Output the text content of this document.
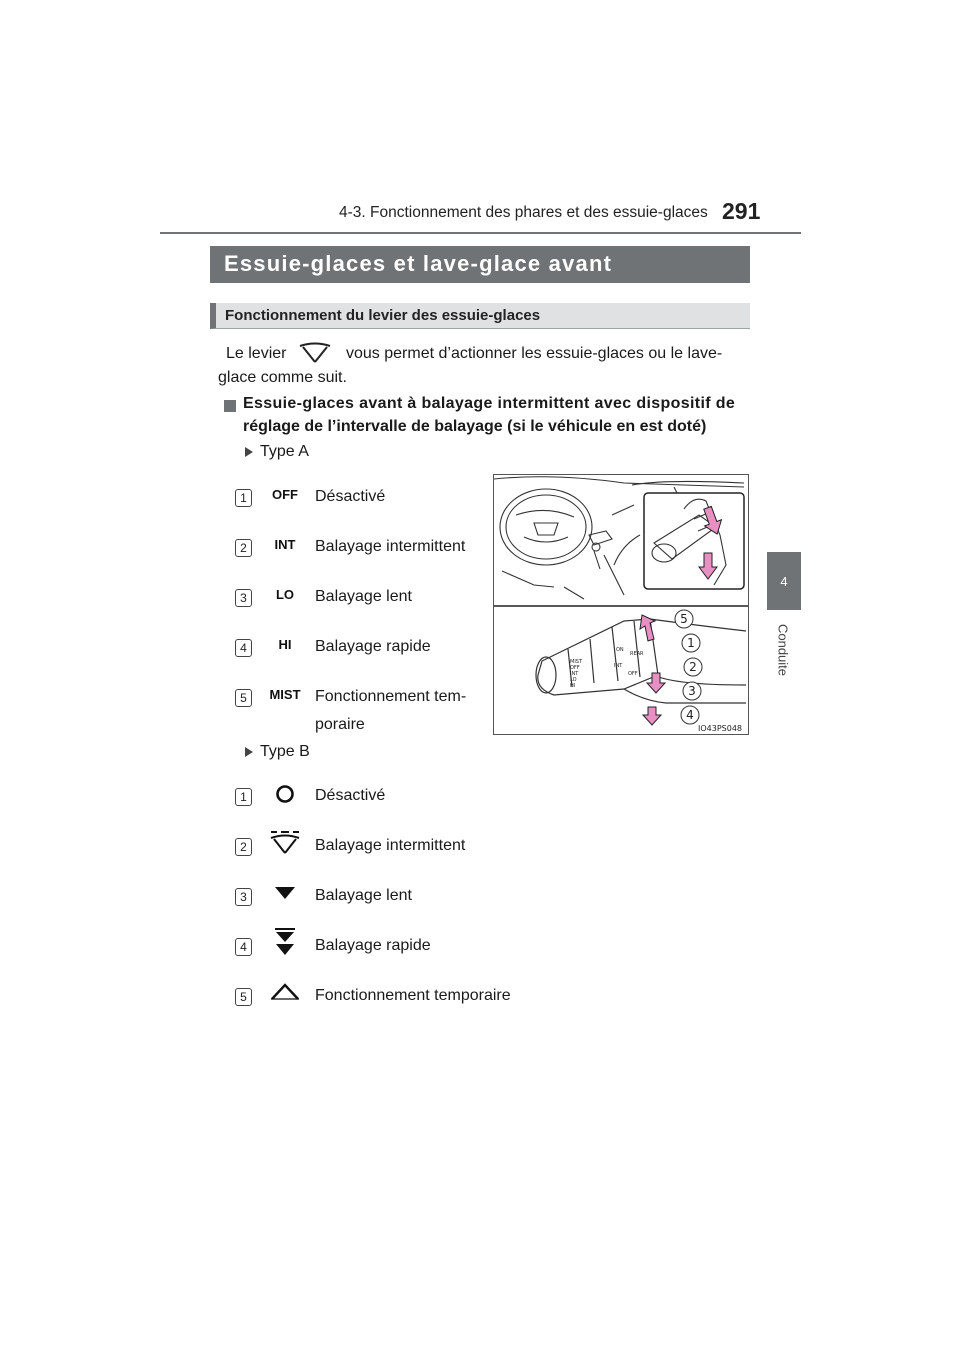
4-3. Fonctionnement des phares et des essuie-glaces 291
4
Conduite
Essuie-glaces et lave-glace avant
Fonctionnement du levier des essuie-glaces
Le levier	vous permet d’actionner les essuie-glaces ou le lave-
glace comme suit.
Essuie-glaces avant à balayage intermittent avec dispositif de
réglage de l’intervalle de balayage (si le véhicule en est doté)
Type A
1	OFF	Désactivé
2	INT	Balayage intermittent
3	LO	Balayage lent
4	HI	Balayage rapide
5	MIST Fonctionnement tem-
poraire
MIST
OFF
INT
LO
HI
ON
INT
OFF
REAR
5
1
2
3
4
IO43PS048
Type B
1	Désactivé
2	Balayage intermittent
3	Balayage lent
4	Balayage rapide
5	Fonctionnement temporaire
